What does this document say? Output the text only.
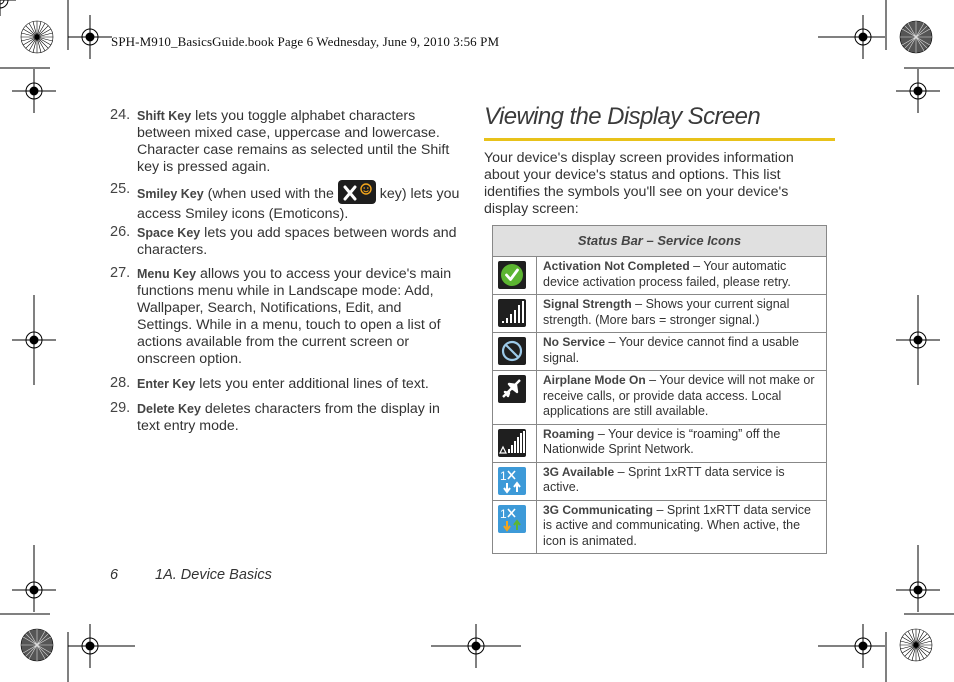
SPH-M910_BasicsGuide.book Page 6 Wednesday, June 9, 2010 3:56 PM
24. Shift Key lets you toggle alphabet characters between mixed case, uppercase and lowercase. Character case remains as selected until the Shift key is pressed again.
25. Smiley Key (when used with the	key) lets you access Smiley icons (Emoticons).
26. Space Key lets you add spaces between words and characters.
27. Menu Key allows you to access your device's main functions menu while in Landscape mode: Add, Wallpaper, Search, Notifications, Edit, and Settings. While in a menu, touch to open a list of actions available from the current screen or onscreen option.
28. Enter Key lets you enter additional lines of text.
29. Delete Key deletes characters from the display in text entry mode.
Viewing the Display Screen
Your device's display screen provides information about your device's status and options. This list identifies the symbols you'll see on your device's display screen:
Status Bar – Service Icons	

	Activation Not Completed – Your automatic device activation process failed, please retry.

	Signal Strength – Shows your current signal strength. (More bars = stronger signal.)

	No Service – Your device cannot find a usable signal.

	Airplane Mode On – Your device will not make or receive calls, or provide data access. Local applications are still available.

	Roaming – Your device is “roaming” off the Nationwide Sprint Network.

1	3G Available – Sprint 1xRTT data service is active.

1	3G Communicating – Sprint 1xRTT data service is active and communicating. When active, the icon is animated.
6	1A. Device Basics
